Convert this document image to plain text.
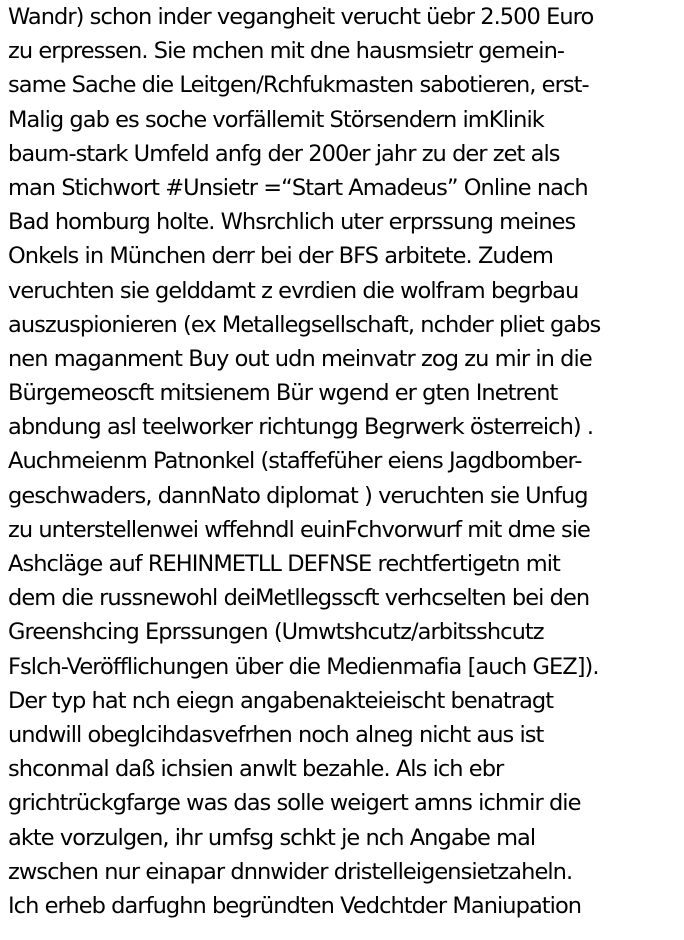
Wandr) schon inder vegangheit verucht üebr 2.500 Euro
zu erpressen. Sie mchen mit dne hausmsietr gemein-
same Sache die Leitgen/Rchfukmasten sabotieren, erst-
Malig gab es soche vorfällemit Störsendern imKlinik
baum-stark Umfeld anfg der 200er jahr zu der zet als
man Stichwort #Unsietr =“Start Amadeus” Online nach
Bad homburg holte. Whsrchlich uter erprssung meines
Onkels in München derr bei der BFS arbitete. Zudem
veruchten sie gelddamt z evrdien die wolfram begrbau
auszuspionieren (ex Metallegsellschaft, nchder pliet gabs
nen maganment Buy out udn meinvatr zog zu mir in die
Bürgemeoscft mitsienem Bür wgend er gten Inetrent
abndung asl teelworker richtungg Begrwerk österreich) .
Auchmeienm Patnonkel (staffefüher eiens Jagdbomber-
geschwaders, dannNato diplomat ) veruchten sie Unfug
zu unterstellenwei wffehndl euinFchvorwurf mit dme sie
Ashcläge auf REHINMETLL DEFNSE rechtfertigetn mit
dem die russnewohl deiMetllegsscft verhcselten bei den
Greenshcing Eprssungen (Umwtshcutz/arbitsshcutz
Fslch-Veröfflichungen über die Medienmafia [auch GEZ]).
Der typ hat nch eiegn angabenakteieischt benatragt
undwill obeglcihdasvefrhen noch alneg nicht aus ist
shconmal daß ichsien anwlt bezahle. Als ich ebr
grichtrückgfarge was das solle weigert amns ichmir die
akte vorzulgen, ihr umfsg schkt je nch Angabe mal
zwschen nur einapar dnnwider dristelleigensietzaheln.
Ich erheb darfughn begründten Vedchtder Maniupation
